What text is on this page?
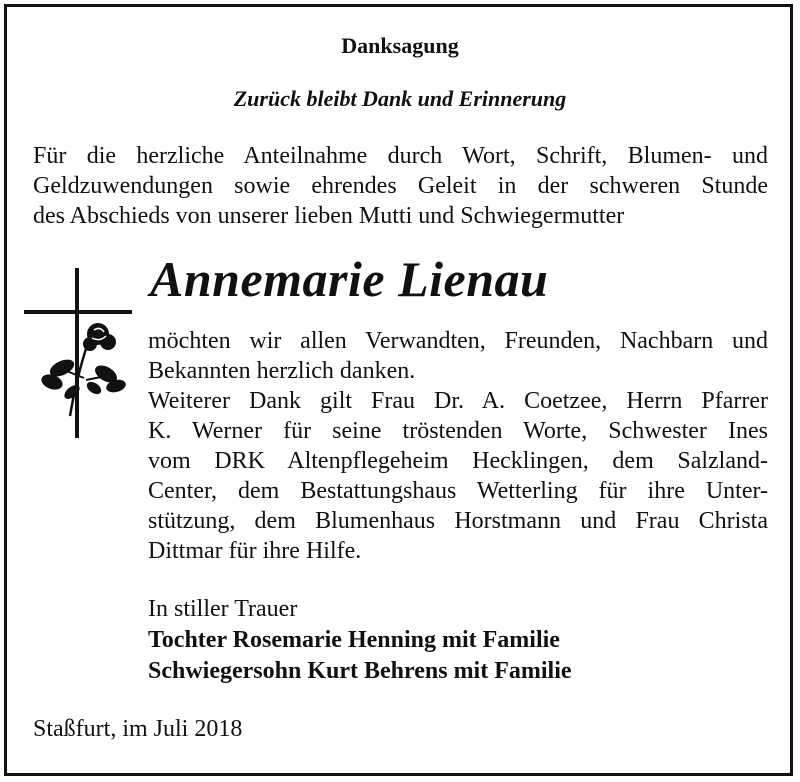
Danksagung
Zurück bleibt Dank und Erinnerung
Für die herzliche Anteilnahme durch Wort, Schrift, Blumen- und
Geldzuwendungen sowie ehrendes Geleit in der schweren Stunde
des Abschieds von unserer lieben Mutti und Schwiegermutter
Annemarie Lienau
möchten wir allen Verwandten, Freunden, Nachbarn und
Bekannten herzlich danken.
Weiterer Dank gilt Frau Dr. A. Coetzee, Herrn Pfarrer
K. Werner für seine tröstenden Worte, Schwester Ines
vom DRK Altenpflegeheim Hecklingen, dem Salzland-
Center, dem Bestattungshaus Wetterling für ihre Unter-
stützung, dem Blumenhaus Horstmann und Frau Christa
Dittmar für ihre Hilfe.
In stiller Trauer
Tochter Rosemarie Henning mit Familie
Schwiegersohn Kurt Behrens mit Familie
Staßfurt, im Juli 2018
